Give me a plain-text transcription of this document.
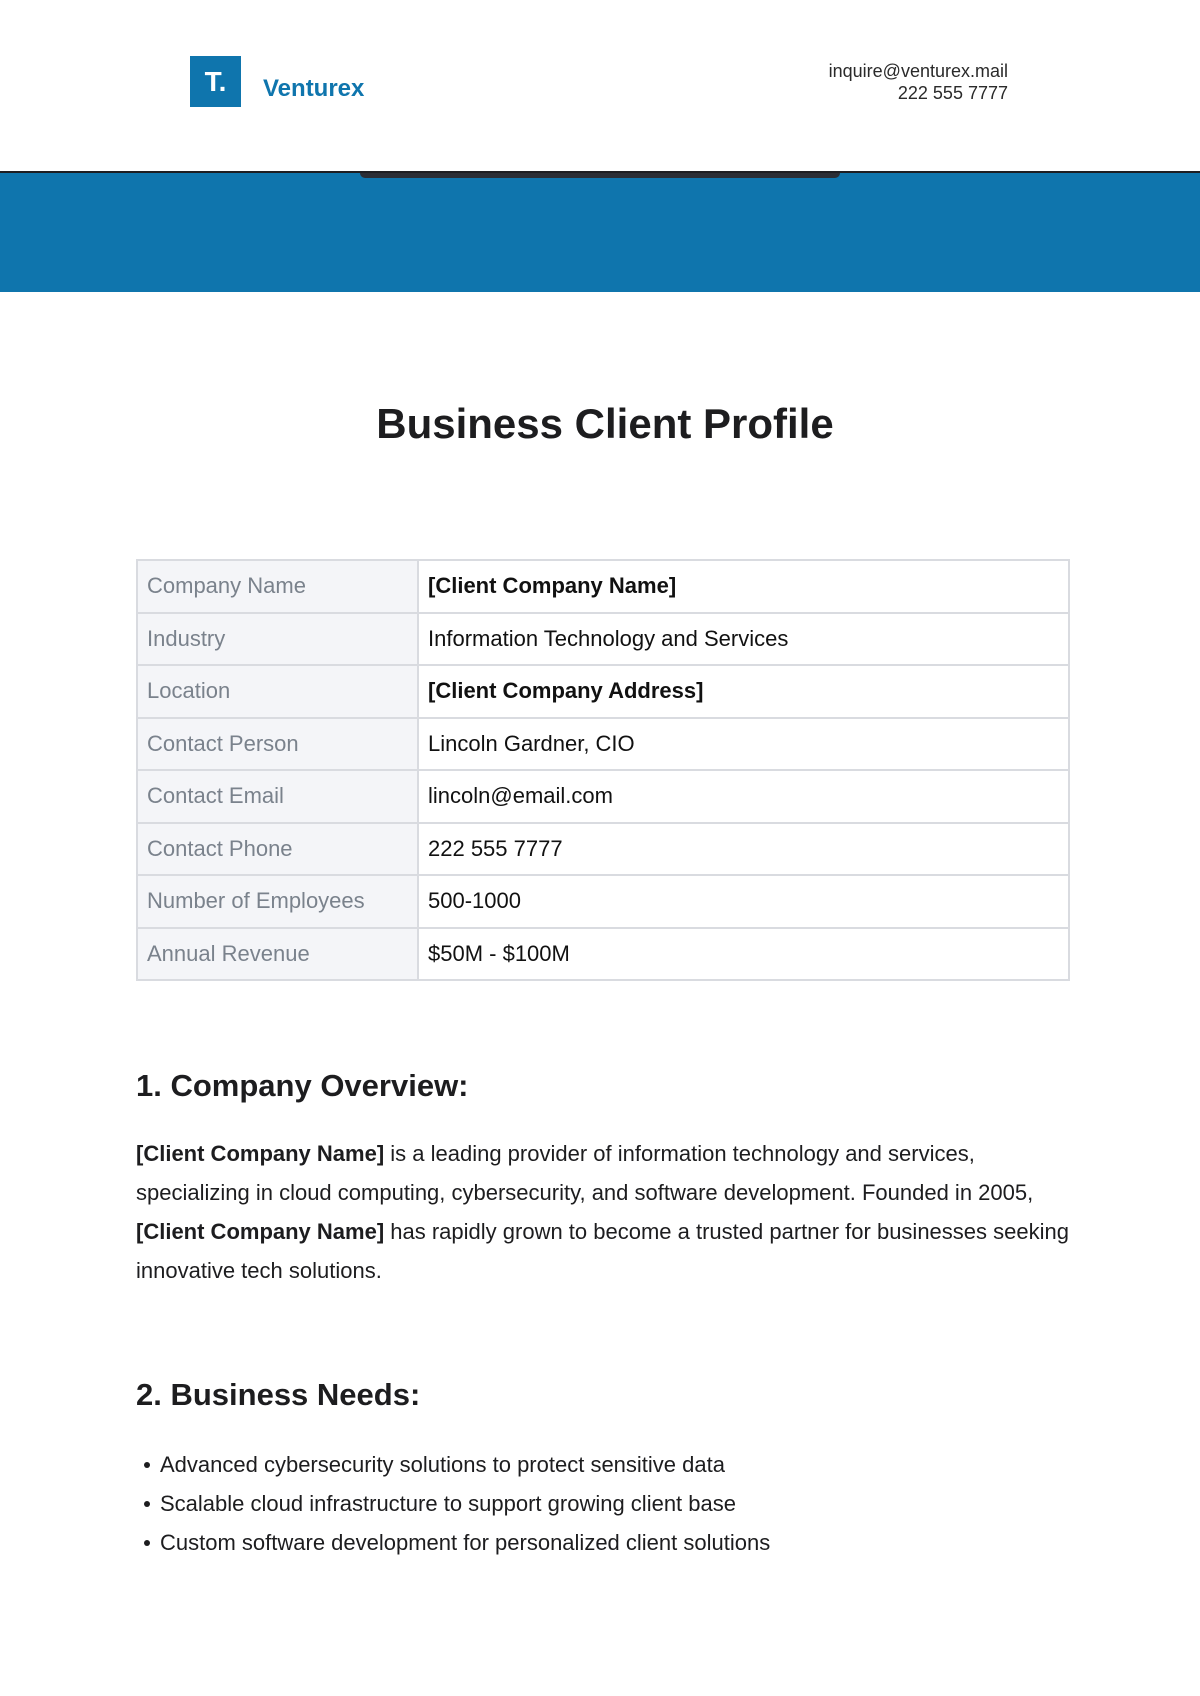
T. Venturex
inquire@venturex.mail
222 555 7777
Business Client Profile
Company Name	[Client Company Name]
Industry	Information Technology and Services
Location	[Client Company Address]
Contact Person	Lincoln Gardner, CIO
Contact Email	lincoln@email.com
Contact Phone	222 555 7777
Number of Employees	500-1000
Annual Revenue	$50M - $100M
1. Company Overview:

[Client Company Name] is a leading provider of information technology and services, specializing in cloud computing, cybersecurity, and software development. Founded in 2005, [Client Company Name] has rapidly grown to become a trusted partner for businesses seeking innovative tech solutions.

2. Business Needs:
Advanced cybersecurity solutions to protect sensitive data
Scalable cloud infrastructure to support growing client base
Custom software development for personalized client solutions
